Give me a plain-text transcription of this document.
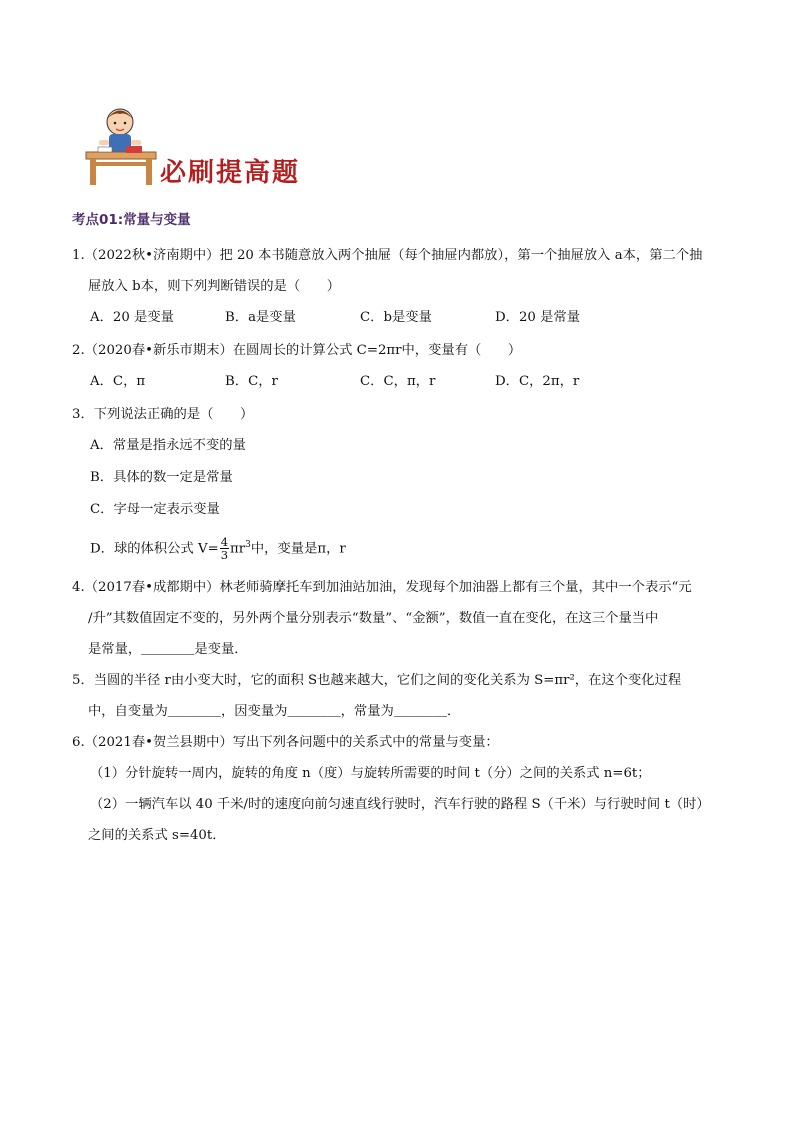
必刷提高题
考点01:常量与变量
1.（2022秋•济南期中）把 20 本书随意放入两个抽屉（每个抽屉内都放），第一个抽屉放入 a本，第二个抽
屉放入 b本，则下列判断错误的是（　　）
A．20 是变量	B．a是变量	C．b是变量	D．20 是常量
2.（2020春•新乐市期末）在圆周长的计算公式 C=2πr中，变量有（　　）
A．C，π	B．C，r	C．C，π，r	D．C，2π，r
3．下列说法正确的是（　　）
A．常量是指永远不变的量
B．具体的数一定是常量
C．字母一定表示变量
D．球的体积公式 $V= \frac{4}{3} \pi r^3$中，变量是π，r
4.（2017春•成都期中）林老师骑摩托车到加油站加油，发现每个加油器上都有三个量，其中一个表示“元
/升”其数值固定不变的，另外两个量分别表示“数量”、“金额”，数值一直在变化，在这三个量当中
是常量，＿＿＿＿是变量．
5．当圆的半径 r由小变大时，它的面积 S也越来越大，它们之间的变化关系为 S=πr²，在这个变化过程
中，自变量为＿＿＿＿，因变量为＿＿＿＿，常量为＿＿＿＿．
6.（2021春•贺兰县期中）写出下列各问题中的关系式中的常量与变量：
（1）分针旋转一周内，旋转的角度 n（度）与旋转所需要的时间 t（分）之间的关系式 n=6t；
（2）一辆汽车以 40 千米/时的速度向前匀速直线行驶时，汽车行驶的路程 S（千米）与行驶时间 t（时）
之间的关系式 s=40t．
